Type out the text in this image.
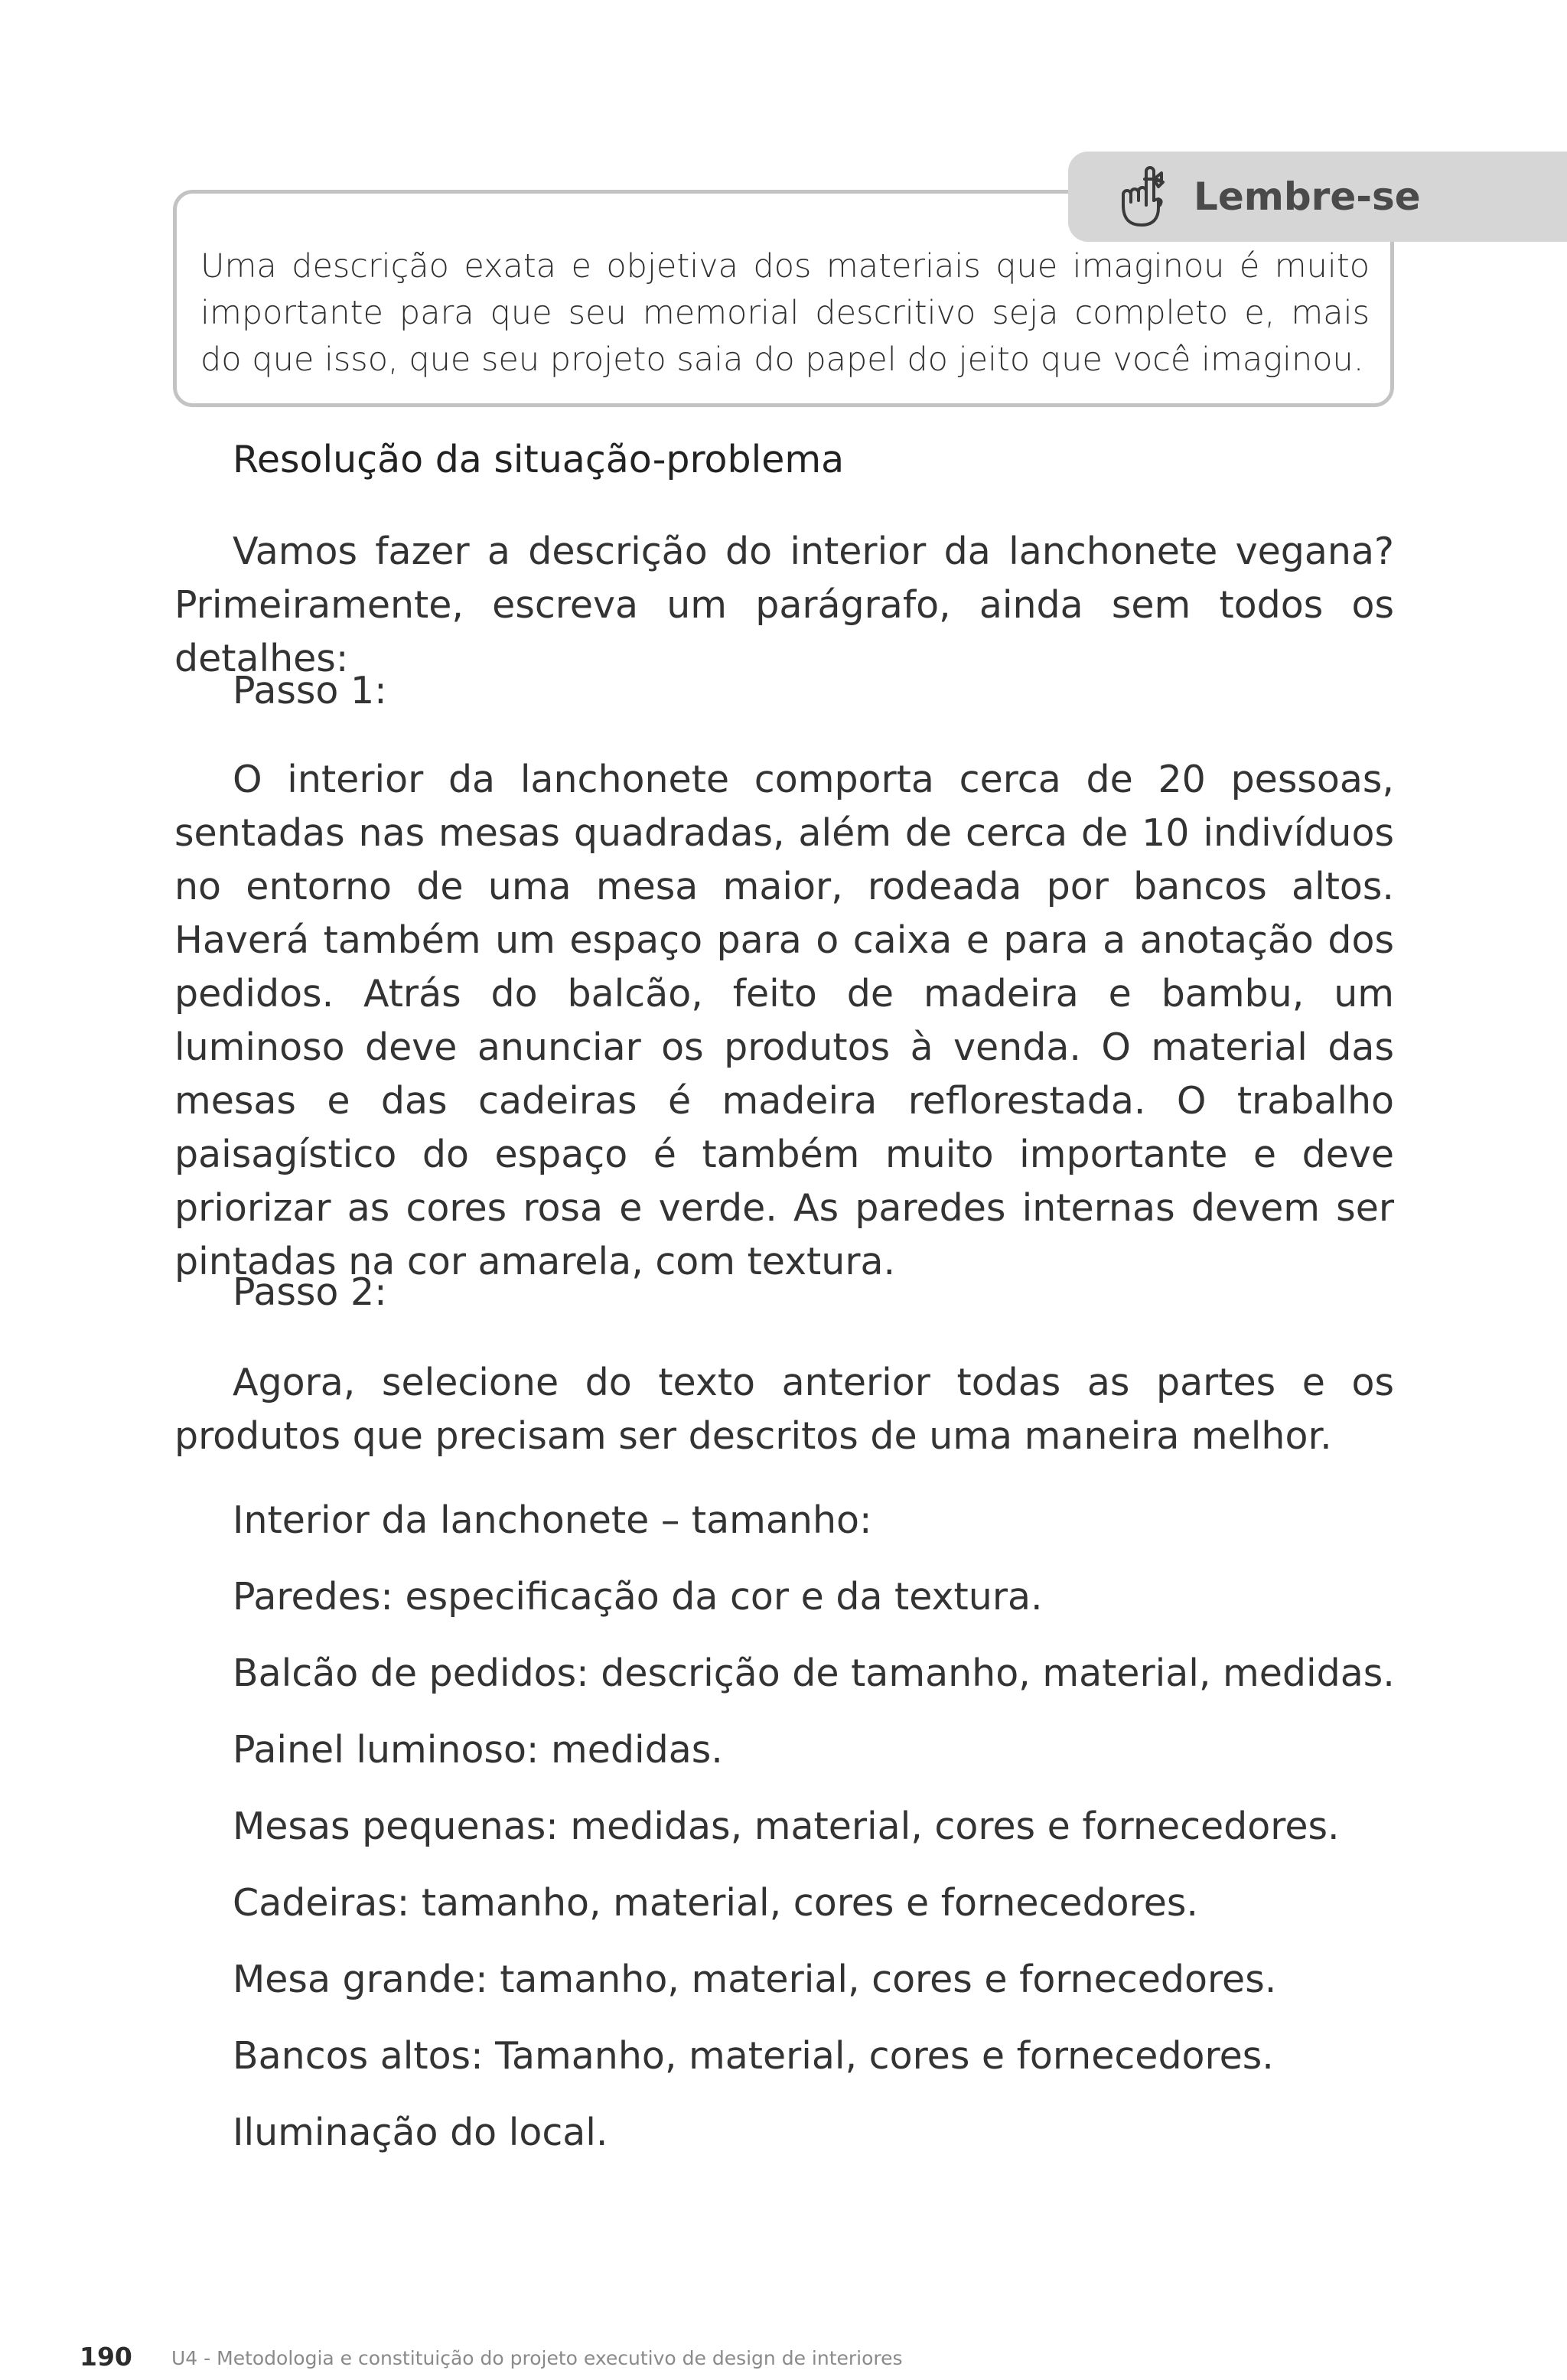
Lembre-se
Uma descrição exata e objetiva dos materiais que imaginou é muito importante para que seu memorial descritivo seja completo e, mais do que isso, que seu projeto saia do papel do jeito que você imaginou.
Resolução da situação-problema
Vamos fazer a descrição do interior da lanchonete vegana? Primeiramente, escreva um parágrafo, ainda sem todos os detalhes:
Passo 1:
O interior da lanchonete comporta cerca de 20 pessoas, sentadas nas mesas quadradas, além de cerca de 10 indivíduos no entorno de uma mesa maior, rodeada por bancos altos. Haverá também um espaço para o caixa e para a anotação dos pedidos. Atrás do balcão, feito de madeira e bambu, um luminoso deve anunciar os produtos à venda. O material das mesas e das cadeiras é madeira reflorestada. O trabalho paisagístico do espaço é também muito importante e deve priorizar as cores rosa e verde. As paredes internas devem ser pintadas na cor amarela, com textura.
Passo 2:
Agora, selecione do texto anterior todas as partes e os produtos que precisam ser descritos de uma maneira melhor.
Interior da lanchonete – tamanho:
Paredes: especificação da cor e da textura.
Balcão de pedidos: descrição de tamanho, material, medidas.
Painel luminoso: medidas.
Mesas pequenas: medidas, material, cores e fornecedores.
Cadeiras: tamanho, material, cores e fornecedores.
Mesa grande: tamanho, material, cores e fornecedores.
Bancos altos: Tamanho, material, cores e fornecedores.
Iluminação do local.
190 U4 - Metodologia e constituição do projeto executivo de design de interiores
